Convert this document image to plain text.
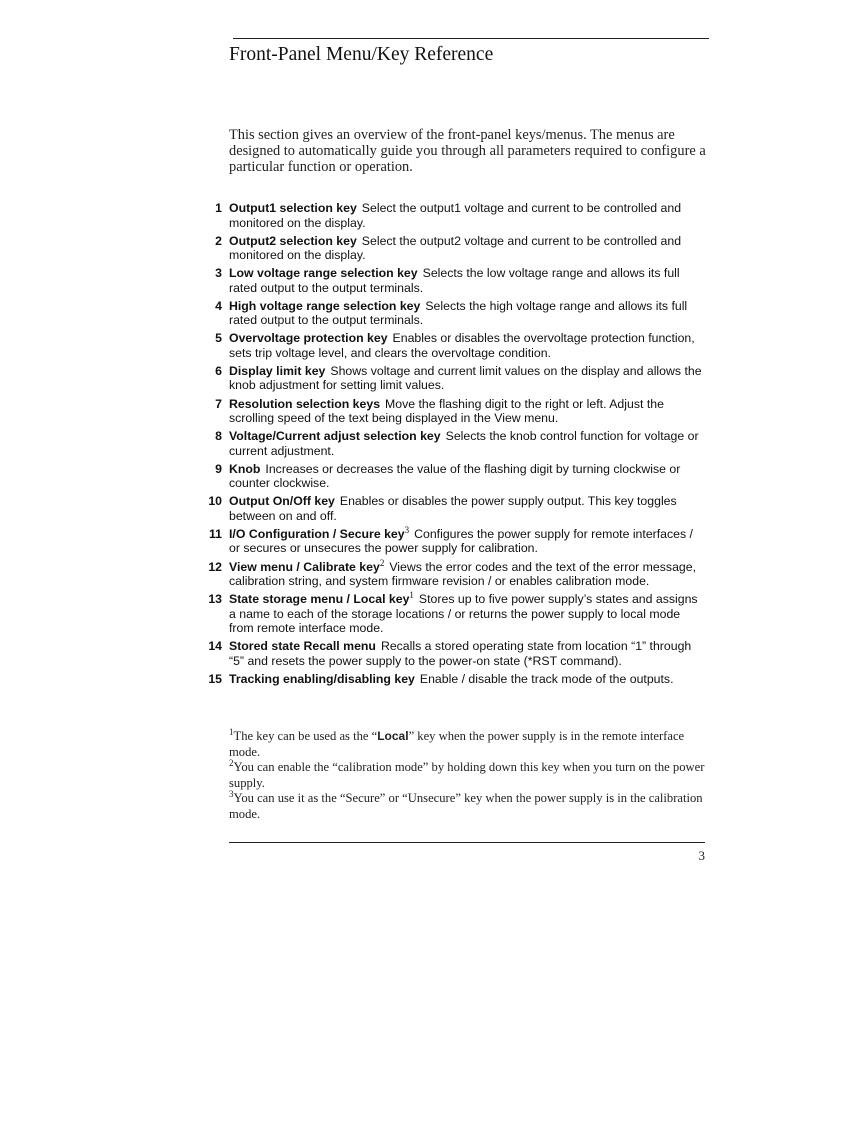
Front-Panel Menu/Key Reference

This section gives an overview of the front-panel keys/menus. The menus are designed to automatically guide you through all parameters required to configure a particular function or operation.

1 Output1 selection key Select the output1 voltage and current to be controlled and monitored on the display.
2 Output2 selection key Select the output2 voltage and current to be controlled and monitored on the display.
3 Low voltage range selection key Selects the low voltage range and allows its full rated output to the output terminals.
4 High voltage range selection key Selects the high voltage range and allows its full rated output to the output terminals.
5 Overvoltage protection key Enables or disables the overvoltage protection function, sets trip voltage level, and clears the overvoltage condition.
6 Display limit key Shows voltage and current limit values on the display and allows the knob adjustment for setting limit values.
7 Resolution selection keys Move the flashing digit to the right or left. Adjust the scrolling speed of the text being displayed in the View menu.
8 Voltage/Current adjust selection key Selects the knob control function for voltage or current adjustment.
9 Knob Increases or decreases the value of the flashing digit by turning clockwise or counter clockwise.
10 Output On/Off key Enables or disables the power supply output. This key toggles between on and off.
11 I/O Configuration / Secure key$^3$ Configures the power supply for remote interfaces / or secures or unsecures the power supply for calibration.
12 View menu / Calibrate key$^2$ Views the error codes and the text of the error message, calibration string, and system firmware revision / or enables calibration mode.
13 State storage menu / Local key$^1$ Stores up to five power supply’s states and assigns a name to each of the storage locations / or returns the power supply to local mode from remote interface mode.
14 Stored state Recall menu Recalls a stored operating state from location “1” through “5” and resets the power supply to the power-on state (*RST command).
15 Tracking enabling/disabling key Enable / disable the track mode of the outputs.
$^1$The key can be used as the “Local” key when the power supply is in the remote interface mode.
$^2$You can enable the “calibration mode” by holding down this key when you turn on the power supply.
$^3$You can use it as the “Secure” or “Unsecure” key when the power supply is in the calibration mode.
3
